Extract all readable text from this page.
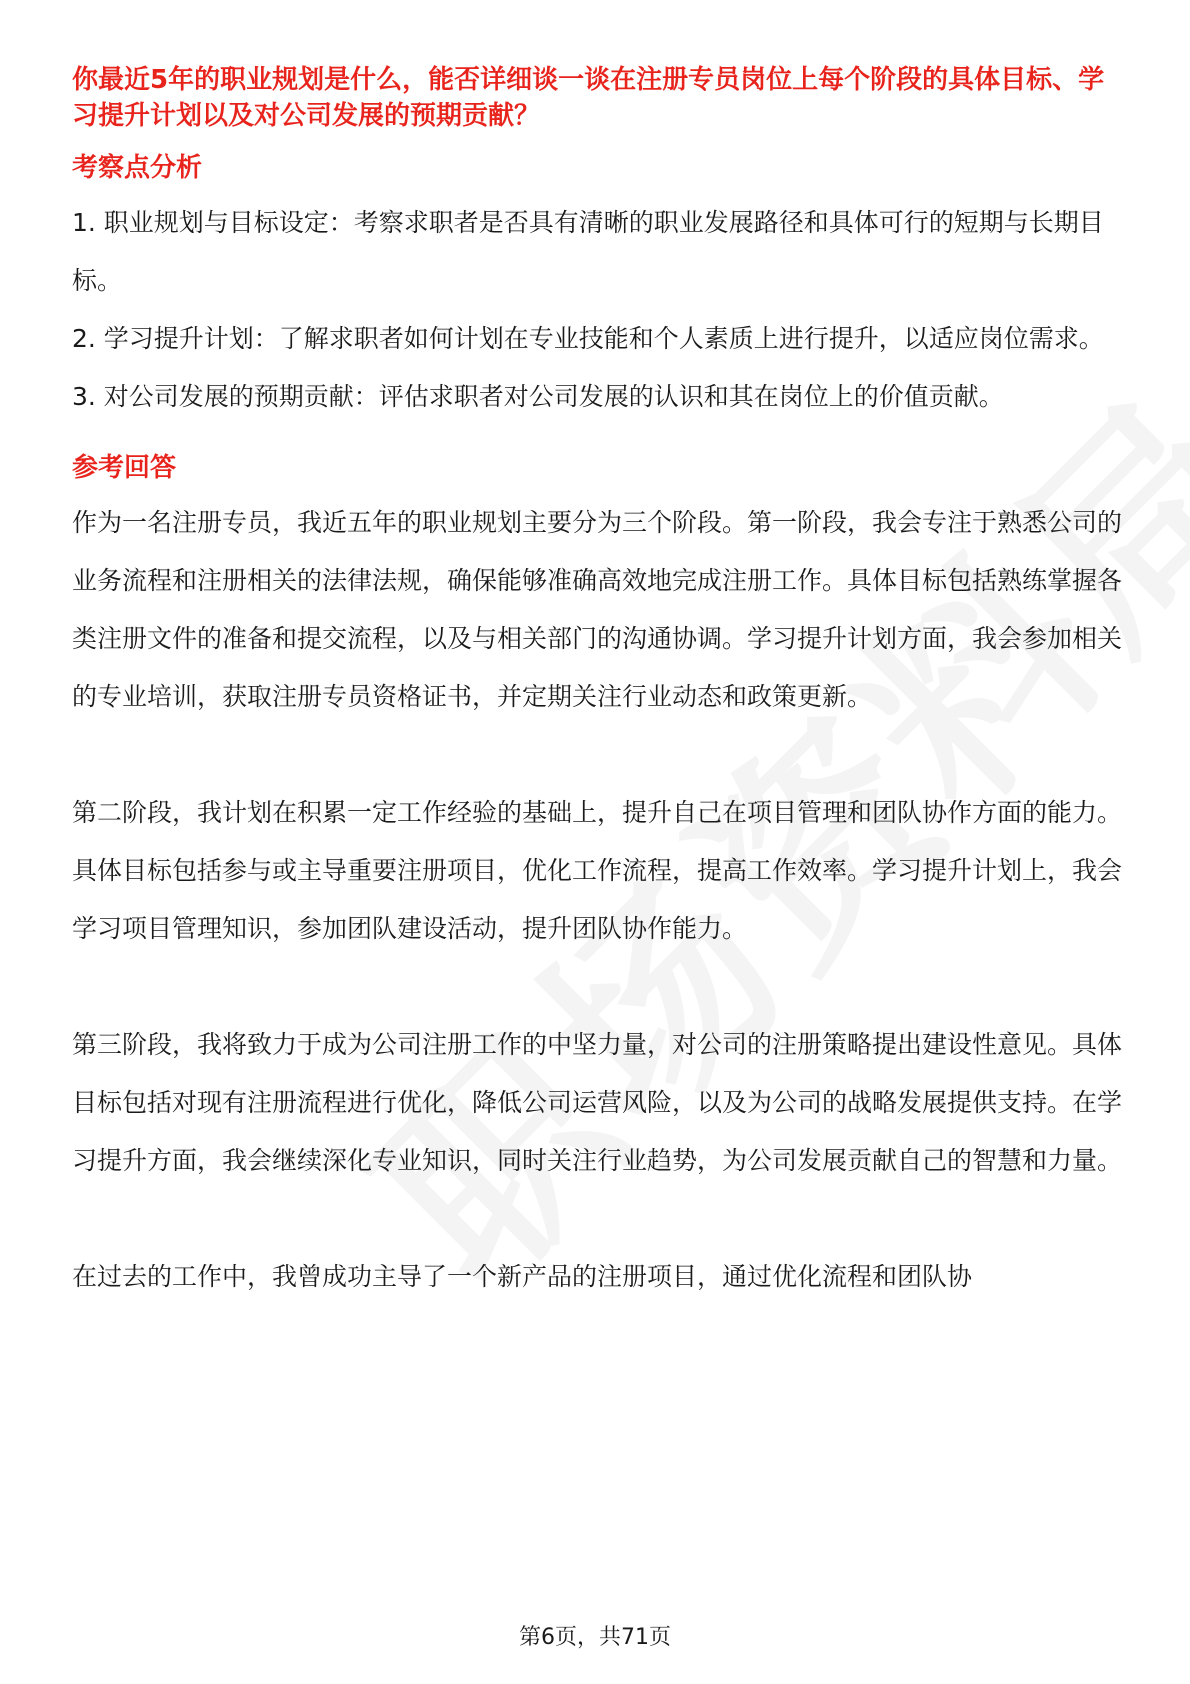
你最近5年的职业规划是什么，能否详细谈一谈在注册专员岗位上每个阶段的具体目标、学习提升计划以及对公司发展的预期贡献？
考察点分析
1. 职业规划与目标设定：考察求职者是否具有清晰的职业发展路径和具体可行的短期与长期目标。
2. 学习提升计划：了解求职者如何计划在专业技能和个人素质上进行提升，以适应岗位需求。
3. 对公司发展的预期贡献：评估求职者对公司发展的认识和其在岗位上的价值贡献。
参考回答

作为一名注册专员，我近五年的职业规划主要分为三个阶段。第一阶段，我会专注于熟悉公司的业务流程和注册相关的法律法规，确保能够准确高效地完成注册工作。具体目标包括熟练掌握各类注册文件的准备和提交流程，以及与相关部门的沟通协调。学习提升计划方面，我会参加相关的专业培训，获取注册专员资格证书，并定期关注行业动态和政策更新。

第二阶段，我计划在积累一定工作经验的基础上，提升自己在项目管理和团队协作方面的能力。具体目标包括参与或主导重要注册项目，优化工作流程，提高工作效率。学习提升计划上，我会学习项目管理知识，参加团队建设活动，提升团队协作能力。

第三阶段，我将致力于成为公司注册工作的中坚力量，对公司的注册策略提出建设性意见。具体目标包括对现有注册流程进行优化，降低公司运营风险，以及为公司的战略发展提供支持。在学习提升方面，我会继续深化专业知识，同时关注行业趋势，为公司发展贡献自己的智慧和力量。

在过去的工作中，我曾成功主导了一个新产品的注册项目，通过优化流程和团队协

第6页，共71页
